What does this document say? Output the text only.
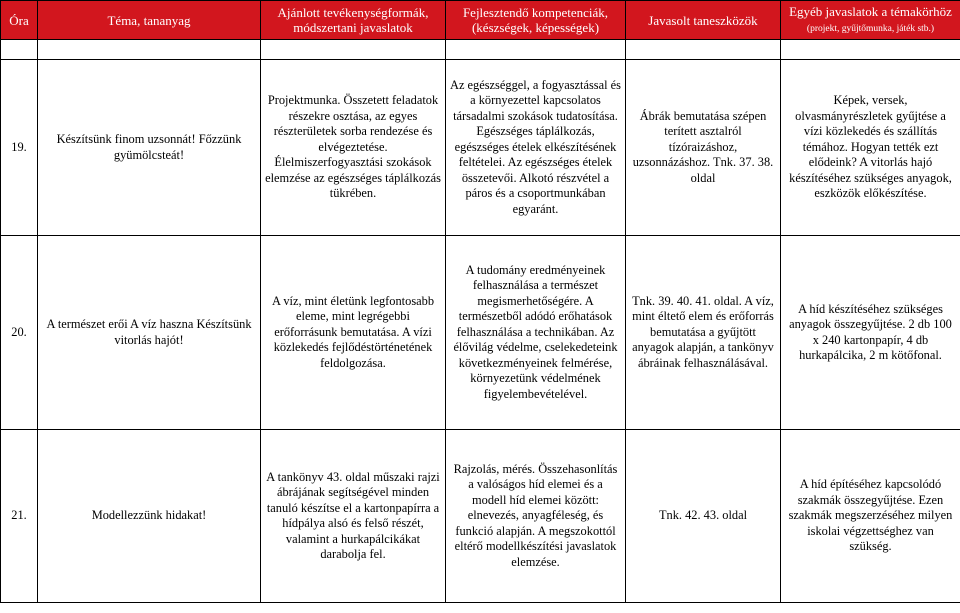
Óra	Téma, tananyag	Ajánlott tevékenységformák, módszertani javaslatok	Fejlesztendő kompetenciák, (készségek, képességek)	Javasolt taneszközök	Egyéb javaslatok a témakörhöz (projekt, gyűjtőmunka, játék stb.)

19.	Készítsünk finom uzsonnát! Főzzünk gyümölcsteát!	Projektmunka. Összetett feladatok részekre osztása, az egyes részterületek sorba rendezése és elvégeztetése. Élelmiszerfogyasztási szokások elemzése az egészséges táplálkozás tükrében.	Az egészséggel, a fogyasztással és a környezettel kapcsolatos társadalmi szokások tudatosítása. Egészséges táplálkozás, egészséges ételek elkészítésének feltételei. Az egészséges ételek összetevői. Alkotó részvétel a páros és a csoportmunkában egyaránt.	Ábrák bemutatása szépen terített asztalról tízóraizáshoz, uzsonnázáshoz. Tnk. 37. 38. oldal	Képek, versek, olvasmányrészletek gyűjtése a vízi közlekedés és szállítás témához. Hogyan tették ezt elődeink? A vitorlás hajó készítéséhez szükséges anyagok, eszközök előkészítése.
20.	A természet erői A víz haszna Készítsünk vitorlás hajót!	A víz, mint életünk legfontosabb eleme, mint legrégebbi erőforrásunk bemutatása. A vízi közlekedés fejlődéstörténetének feldolgozása.	A tudomány eredményeinek felhasználása a természet megismerhetőségére. A természetből adódó erőhatások felhasználása a technikában. Az élővilág védelme, cselekedeteink következményeinek felmérése, környezetünk védelmének figyelembevételével.	Tnk. 39. 40. 41. oldal. A víz, mint éltető elem és erőforrás bemutatása a gyűjtött anyagok alapján, a tankönyv ábráinak felhasználásával.	A híd készítéséhez szükséges anyagok összegyűjtése. 2 db 100 x 240 kartonpapír, 4 db hurkapálcika, 2 m kötőfonal.
21.	Modellezzünk hidakat!	A tankönyv 43. oldal műszaki rajzi ábrájának segítségével minden tanuló készítse el a kartonpapírra a hídpálya alsó és felső részét, valamint a hurkapálcikákat darabolja fel.	Rajzolás, mérés. Összehasonlítás a valóságos híd elemei és a modell híd elemei között: elnevezés, anyagféleség, és funkció alapján. A megszokottól eltérő modellkészítési javaslatok elemzése.	Tnk. 42. 43. oldal	A híd építéséhez kapcsolódó szakmák összegyűjtése. Ezen szakmák megszerzéséhez milyen iskolai végzettséghez van szükség.
